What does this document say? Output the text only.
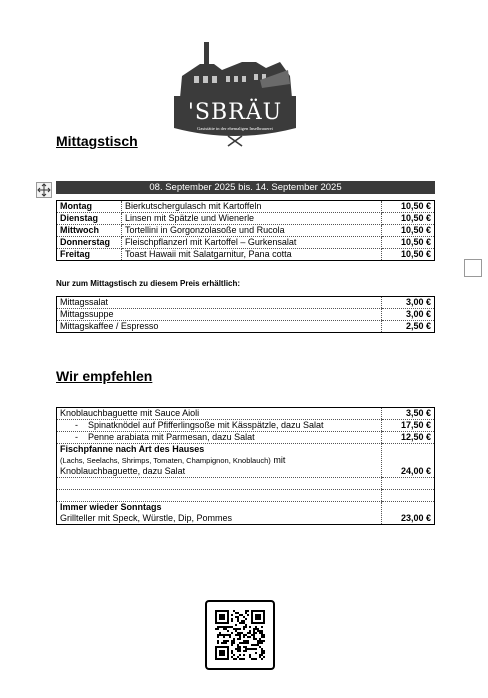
'SBRÄU
Gaststätte in der ehemaligen Inselbrauerei
Mittagstisch
08. September 2025 bis. 14. September 2025
Montag	Bierkutschergulasch mit Kartoffeln	10,50 €
Dienstag	Linsen mit Spätzle und Wienerle	10,50 €
Mittwoch	Tortellini in Gorgonzolasoße und Rucola	10,50 €
Donnerstag	Fleischpflanzerl mit Kartoffel – Gurkensalat	10,50 €
Freitag	Toast Hawaii mit Salatgarnitur, Pana cotta	10,50 €
Nur zum Mittagstisch zu diesem Preis erhältlich:
Mittagssalat	3,00 €
Mittagssuppe	3,00 €
Mittagskaffee / Espresso	2,50 €
Wir empfehlen
Knoblauchbaguette mit Sauce Aioli	3,50 €
- Spinatknödel auf Pfifferlingsoße mit Kässpätzle, dazu Salat	17,50 €
- Penne arabiata mit Parmesan, dazu Salat	12,50 €

Fischpfanne nach Art des Hauses
(Lachs, Seelachs, Shrimps, Tomaten, Champignon, Knoblauch) mit
Knoblauchbaguette, dazu Salat	24,00 €

Immer wieder Sonntags
Grillteller mit Speck, Würstle, Dip, Pommes	23,00 €
